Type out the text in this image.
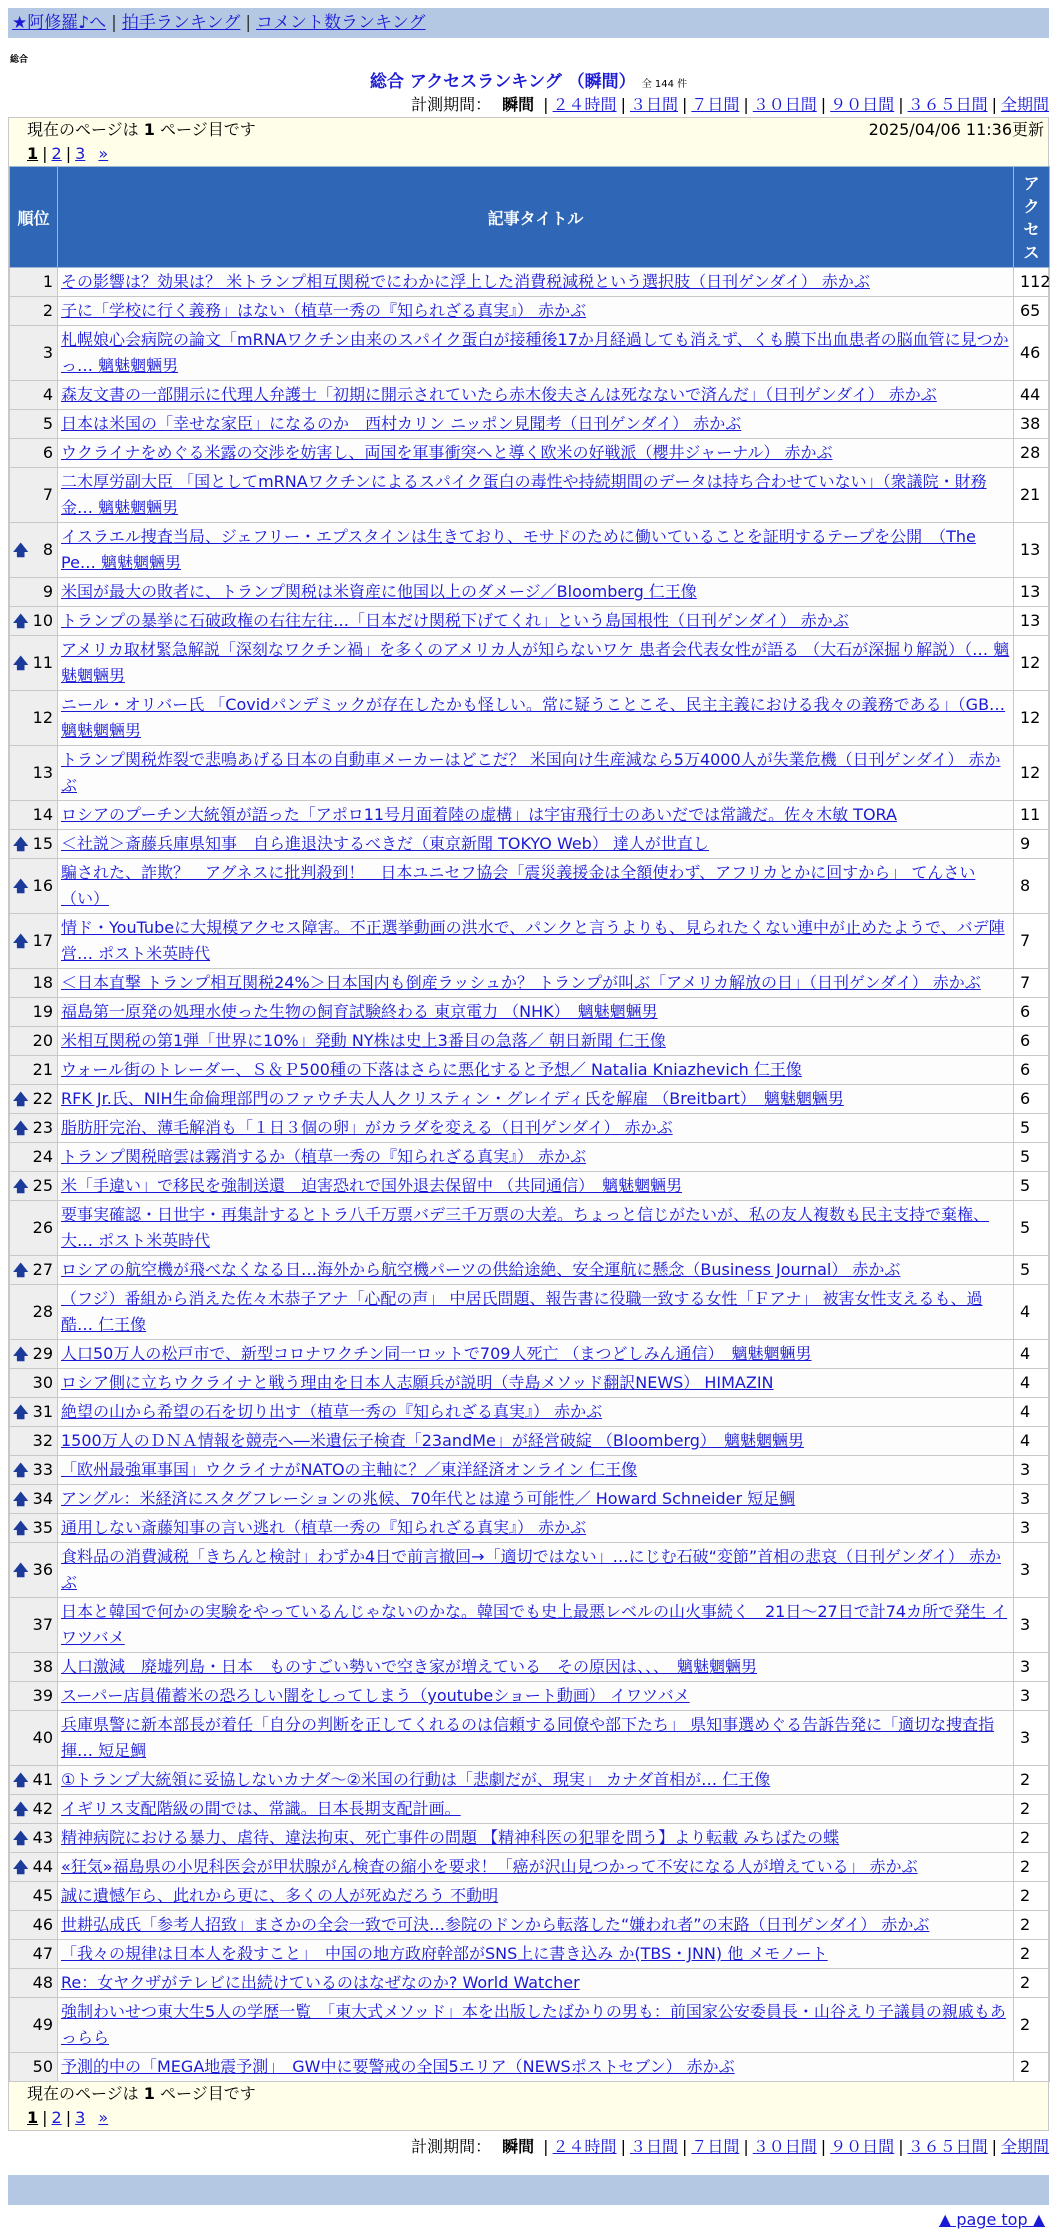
★阿修羅♪へ | 拍手ランキング | コメント数ランキング
総合
総合 アクセスランキング （瞬間） 全 144 件
計測期間： 瞬間 | ２４時間 | ３日間 | ７日間 | ３０日間 | ９０日間 | ３６５日間 | 全期間
現在のページは 1 ページ目です	2025/04/06 11:36更新
1 | 2 | 3 »
順位	記事タイトル	アクセス
1	その影響は？効果は？ 米トランプ相互関税でにわかに浮上した消費税減税という選択肢（日刊ゲンダイ） 赤かぶ	112
2	子に「学校に行く義務」はない（植草一秀の『知られざる真実』） 赤かぶ	65
3	札幌娘心会病院の論文「mRNAワクチン由来のスパイク蛋白が接種後17か月経過しても消えず、くも膜下出血患者の脳血管に見つかっ… 魑魅魍魎男	46
4	森友文書の一部開示に代理人弁護士「初期に開示されていたら赤木俊夫さんは死なないで済んだ」（日刊ゲンダイ） 赤かぶ	44
5	日本は米国の「幸せな家臣」になるのか　西村カリン ニッポン見聞考（日刊ゲンダイ） 赤かぶ	38
6	ウクライナをめぐる米露の交渉を妨害し、両国を軍事衝突へと導く欧米の好戦派（櫻井ジャーナル） 赤かぶ	28
7	二木厚労副大臣 「国としてmRNAワクチンによるスパイク蛋白の毒性や持続期間のデータは持ち合わせていない」（衆議院・財務金… 魑魅魍魎男	21

🡅 8	イスラエル捜査当局、ジェフリー・エプスタインは生きており、モサドのために働いていることを証明するテープを公開　（The Pe… 魑魅魍魎男	13
9	米国が最大の敗者に、トランプ関税は米資産に他国以上のダメージ／Bloomberg 仁王像	13

🡅 10	トランプの暴挙に石破政権の右往左往…「日本だけ関税下げてくれ」という島国根性（日刊ゲンダイ） 赤かぶ	13

🡅 11	アメリカ取材緊急解説「深刻なワクチン禍」を多くのアメリカ人が知らないワケ 患者会代表女性が語る （大石が深掘り解説）（… 魑魅魍魎男	12
12	ニール・オリバー氏 「Covidパンデミックが存在したかも怪しい。常に疑うことこそ、民主主義における我々の義務である」（GB… 魑魅魍魎男	12
13	トランプ関税炸裂で悲鳴あげる日本の自動車メーカーはどこだ？ 米国向け生産減なら5万4000人が失業危機（日刊ゲンダイ） 赤かぶ	12
14	ロシアのプーチン大統領が語った「アポロ11号月面着陸の虚構」は宇宙飛行士のあいだでは常識だ。佐々木敏 TORA	11

🡅 15	＜社説＞斎藤兵庫県知事　自ら進退決するべきだ（東京新聞 TOKYO Web） 達人が世直し	9

🡅 16	騙された、詐欺？　アグネスに批判殺到！　日本ユニセフ協会「震災義援金は全額使わず、アフリカとかに回すから」 てんさい（い）	8

🡅 17	情ド・YouTubeに大規模アクセス障害。不正選挙動画の洪水で、パンクと言うよりも、見られたくない連中が止めたようで、バデ陣営… ポスト米英時代	7
18	＜日本直撃 トランプ相互関税24%＞日本国内も倒産ラッシュか？ トランプが叫ぶ「アメリカ解放の日」（日刊ゲンダイ） 赤かぶ	7
19	福島第一原発の処理水使った生物の飼育試験終わる 東京電力 （NHK）　魑魅魍魎男	6
20	米相互関税の第1弾「世界に10%」発動 NY株は史上3番目の急落／ 朝日新聞 仁王像	6
21	ウォール街のトレーダー、Ｓ＆Ｐ500種の下落はさらに悪化すると予想／ Natalia Kniazhevich 仁王像	6

🡅 22	RFK Jr.氏、NIH生命倫理部門のファウチ夫人人クリスティン・グレイディ氏を解雇 （Breitbart）　魑魅魍魎男	6

🡅 23	脂肪肝完治、薄毛解消も「１日３個の卵」がカラダを変える（日刊ゲンダイ） 赤かぶ	5
24	トランプ関税暗雲は霧消するか（植草一秀の『知られざる真実』） 赤かぶ	5

🡅 25	米「手違い」で移民を強制送還　迫害恐れで国外退去保留中 （共同通信）　魑魅魍魎男	5
26	要事実確認・日世宇・再集計するとトラ八千万票バデ三千万票の大差。ちょっと信じがたいが、私の友人複数も民主支持で棄権、大… ポスト米英時代	5

🡅 27	ロシアの航空機が飛べなくなる日…海外から航空機パーツの供給途絶、安全運航に懸念（Business Journal） 赤かぶ	5
28	（フジ）番組から消えた佐々木恭子アナ「心配の声」 中居氏問題、報告書に役職一致する女性「Ｆアナ」 被害女性支えるも、過酷… 仁王像	4

🡅 29	人口50万人の松戸市で、新型コロナワクチン同一ロットで709人死亡 （まつどしみん通信）　魑魅魍魎男	4
30	ロシア側に立ちウクライナと戦う理由を日本人志願兵が説明（寺島メソッド翻訳NEWS） HIMAZIN	4

🡅 31	絶望の山から希望の石を切り出す（植草一秀の『知られざる真実』） 赤かぶ	4
32	1500万人のＤＮＡ情報を競売へ―米遺伝子検査「23andMe」が経営破綻 （Bloomberg）　魑魅魍魎男	4

🡅 33	「欧州最強軍事国」ウクライナがNATOの主軸に？／東洋経済オンライン 仁王像	3

🡅 34	アングル：米経済にスタグフレーションの兆候、70年代とは違う可能性／ Howard Schneider 短足鯛	3

🡅 35	通用しない斎藤知事の言い逃れ（植草一秀の『知られざる真実』） 赤かぶ	3

🡅 36	食料品の消費減税「きちんと検討」わずか4日で前言撤回→「適切ではない」…にじむ石破“変節”首相の悲哀（日刊ゲンダイ） 赤かぶ	3
37	日本と韓国で何かの実験をやっているんじゃないのかな。韓国でも史上最悪レベルの山火事続く　21日〜27日で計74カ所で発生 イワツバメ	3
38	人口激減　廃墟列島・日本　ものすごい勢いで空き家が増えている　その原因は、、、　魑魅魍魎男	3
39	スーパー店員備蓄米の恐ろしい闇をしってしまう（youtubeショート動画） イワツバメ	3
40	兵庫県警に新本部長が着任「自分の判断を正してくれるのは信頼する同僚や部下たち」 県知事選めぐる告訴告発に「適切な捜査指揮… 短足鯛	3

🡅 41	①トランプ大統領に妥協しないカナダ〜②米国の行動は「悲劇だが、現実」 カナダ首相が… 仁王像	2

🡅 42	イギリス支配階級の間では、常識。日本長期支配計画。	2

🡅 43	精神病院における暴力、虐待、違法拘束、死亡事件の問題 【精神科医の犯罪を問う】より転載 みちばたの蝶	2

🡅 44	«狂気»福島県の小児科医会が甲状腺がん検査の縮小を要求！「癌が沢山見つかって不安になる人が増えている」 赤かぶ	2
45	誠に遺憾乍ら、此れから更に、多くの人が死ぬだろう 不動明	2
46	世耕弘成氏「参考人招致」まさかの全会一致で可決…参院のドンから転落した“嫌われ者”の末路（日刊ゲンダイ） 赤かぶ	2
47	「我々の規律は日本人を殺すこと」　中国の地方政府幹部がSNS上に書き込み か(TBS・JNN) 他 メモノート	2
48	Re：女ヤクザがテレビに出続けているのはなぜなのか? World Watcher	2
49	強制わいせつ東大生5人の学歴一覧　「東大式メソッド」本を出版したばかりの男も：前国家公安委員長・山谷えり子議員の親戚もあっらら	2
50	予測的中の「MEGA地震予測」　GW中に要警戒の全国5エリア（NEWSポストセブン） 赤かぶ	2
現在のページは 1 ページ目です
1 | 2 | 3 »
計測期間： 瞬間 | ２４時間 | ３日間 | ７日間 | ３０日間 | ９０日間 | ３６５日間 | 全期間
▲ page top ▲
